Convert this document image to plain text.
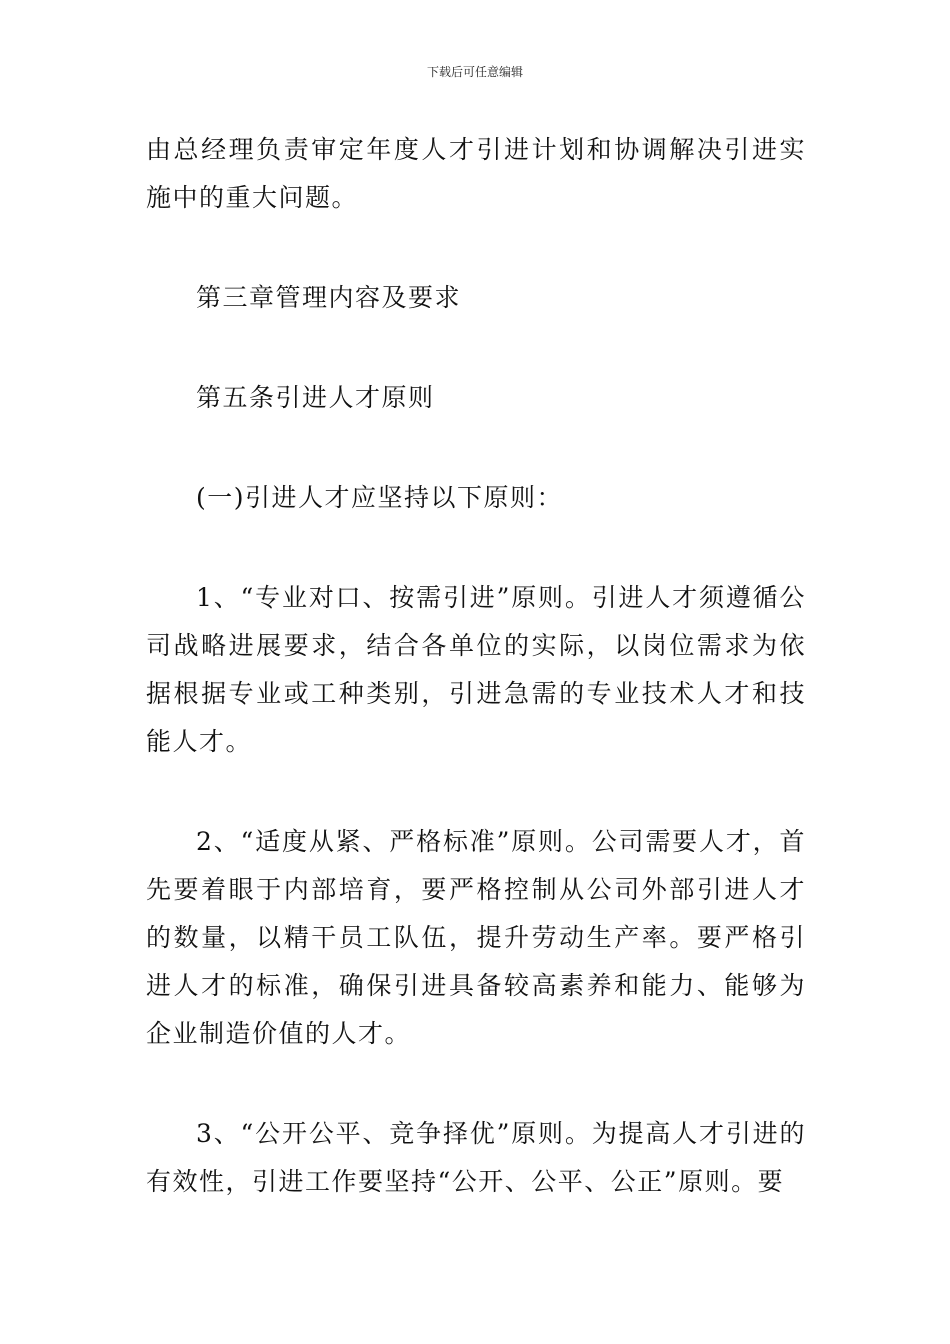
下载后可任意编辑

由总经理负责审定年度人才引进计划和协调解决引进实施中的重大问题。

第三章管理内容及要求

第五条引进人才原则

(一)引进人才应坚持以下原则：

1、“专业对口、按需引进”原则。引进人才须遵循公司战略进展要求，结合各单位的实际，以岗位需求为依据根据专业或工种类别，引进急需的专业技术人才和技能人才。

2、“适度从紧、严格标准”原则。公司需要人才，首先要着眼于内部培育，要严格控制从公司外部引进人才的数量，以精干员工队伍，提升劳动生产率。要严格引进人才的标准，确保引进具备较高素养和能力、能够为企业制造价值的人才。

3、“公开公平、竞争择优”原则。为提高人才引进的有效性，引进工作要坚持“公开、公平、公正”原则。要
